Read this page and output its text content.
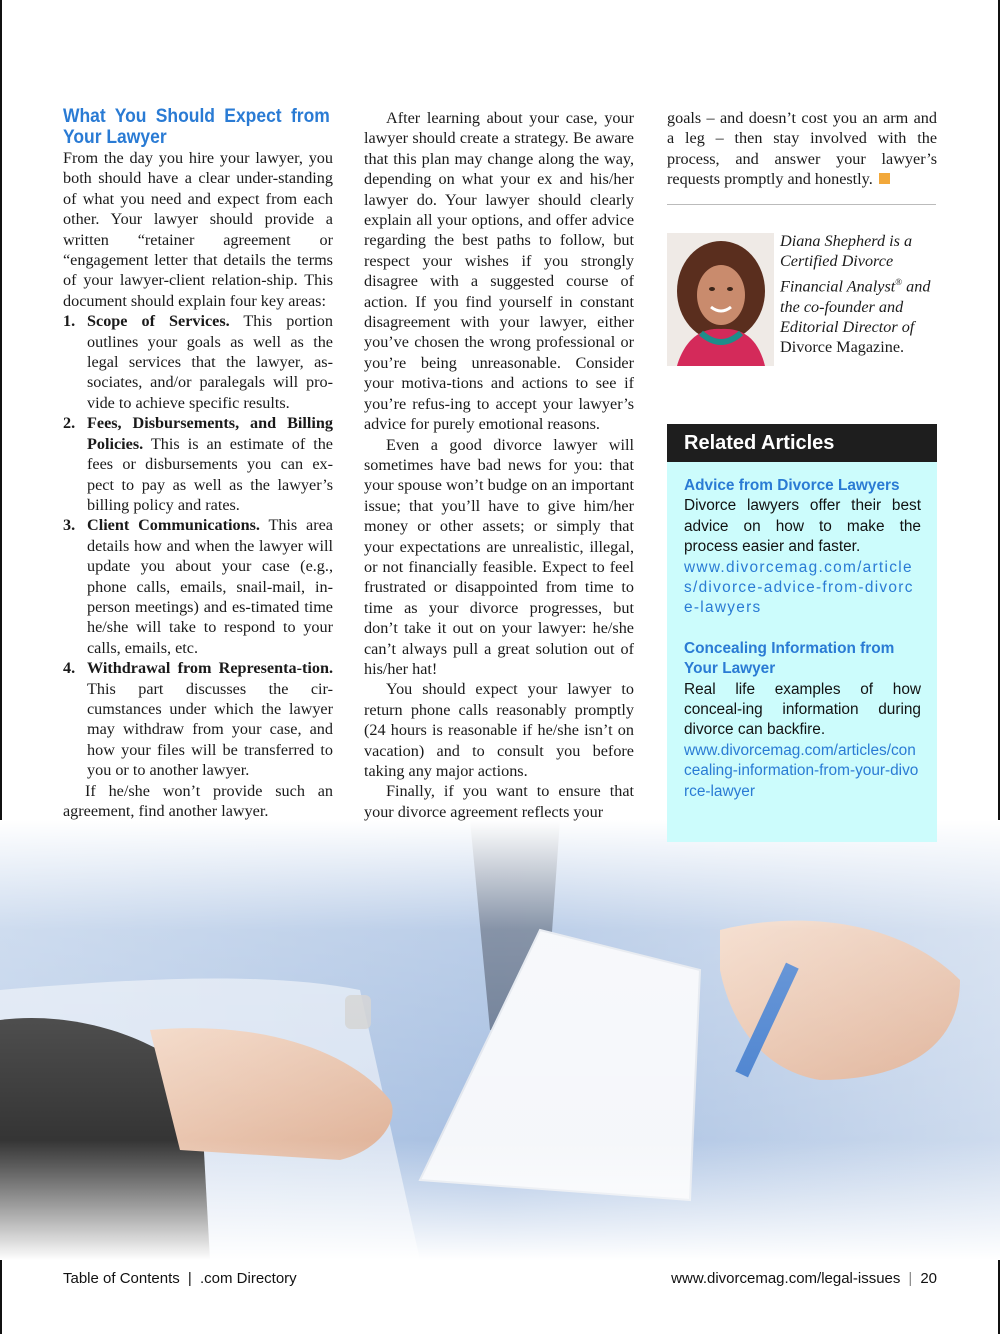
What You Should Expect from Your Lawyer

From the day you hire your lawyer, you both should have a clear under-standing of what you need and expect from each other. Your lawyer should provide a written “retainer agreement or “engagement letter that details the terms of your lawyer-client relation-ship. This document should explain four key areas:

1. Scope of Services. This portion outlines your goals as well as the legal services that the lawyer, as-sociates, and/or paralegals will pro-vide to achieve specific results.
2. Fees, Disbursements, and Billing Policies. This is an estimate of the fees or disbursements you can ex-pect to pay as well as the lawyer’s billing policy and rates.
3. Client Communications. This area details how and when the lawyer will update you about your case (e.g., phone calls, emails, snail-mail, in-person meetings) and es-timated time he/she will take to respond to your calls, emails, etc.
4. Withdrawal from Representa-tion. This part discusses the cir-cumstances under which the lawyer may withdraw from your case, and how your files will be transferred to you or to another lawyer.

If he/she won’t provide such an agreement, find another lawyer.

After learning about your case, your lawyer should create a strategy. Be aware that this plan may change along the way, depending on what your ex and his/her lawyer do. Your lawyer should clearly explain all your options, and offer advice regarding the best paths to follow, but respect your wishes if you strongly disagree with a suggested course of action. If you find yourself in constant disagreement with your lawyer, either you’ve chosen the wrong professional or you’re being unreasonable. Consider your motiva-tions and actions to see if you’re refus-ing to accept your lawyer’s advice for purely emotional reasons.

Even a good divorce lawyer will sometimes have bad news for you: that your spouse won’t budge on an important issue; that you’ll have to give him/her money or other assets; or simply that your expectations are unrealistic, illegal, or not financially feasible. Expect to feel frustrated or disappointed from time to time as your divorce progresses, but don’t take it out on your lawyer: he/she can’t always pull a great solution out of his/her hat!

You should expect your lawyer to return phone calls reasonably promptly (24 hours is reasonable if he/she isn’t on vacation) and to consult you before taking any major actions.

Finally, if you want to ensure that your divorce agreement reflects your

goals – and doesn’t cost you an arm and a leg – then stay involved with the process, and answer your lawyer’s requests promptly and honestly.

Diana Shepherd is a Certified Divorce Financial Analyst® and the co-founder and Editorial Director of Divorce Magazine.
Related Articles
Advice from Divorce Lawyers
Divorce lawyers offer their best advice on how to make the process easier and faster.
www.divorcemag.com/articles/divorce-advice-from-divorce-lawyers
Concealing Information from Your Lawyer
Real life examples of how conceal-ing information during divorce can backfire.
www.divorcemag.com/articles/concealing-information-from-your-divorce-lawyer
Table of Contents | .com Directory	www.divorcemag.com/legal-issues | 20
